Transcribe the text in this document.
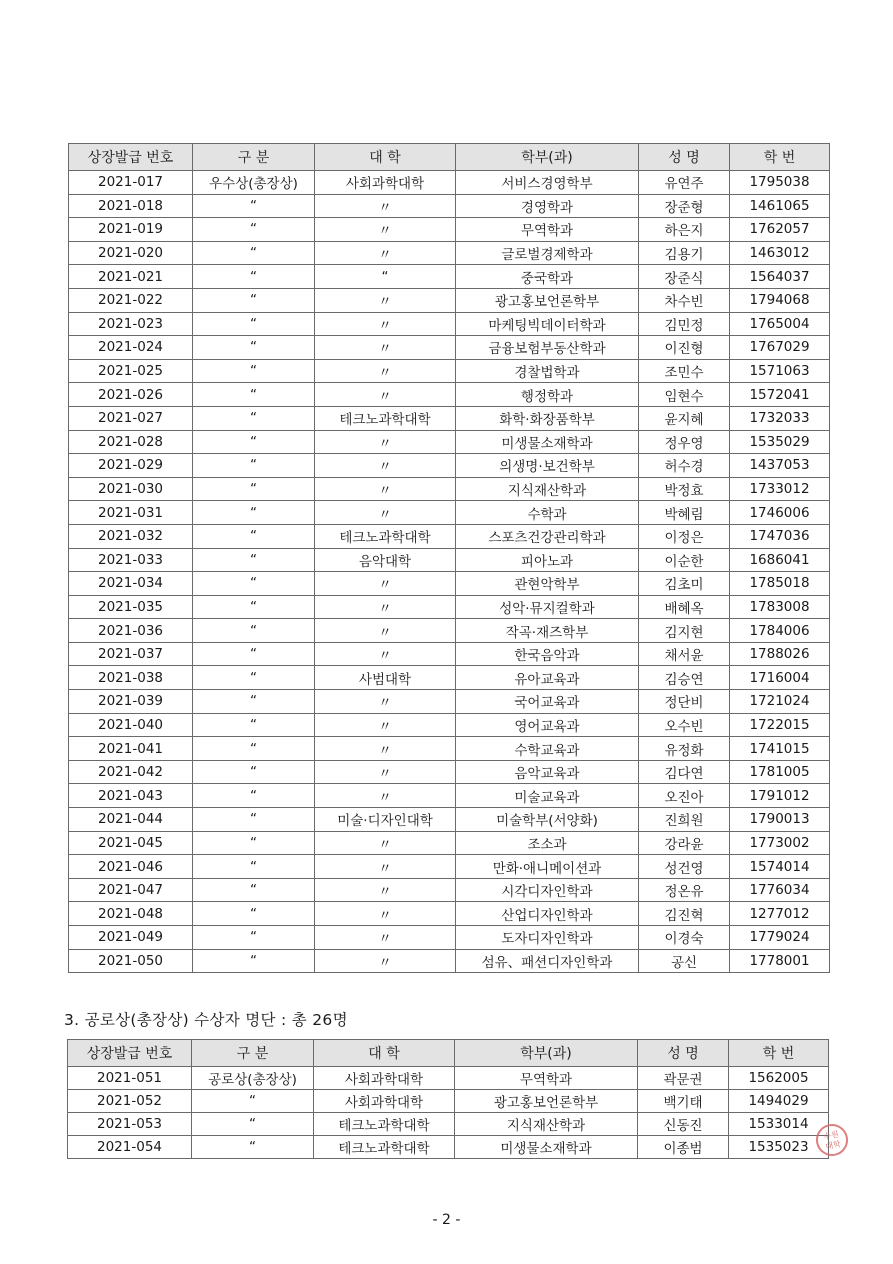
상장발급 번호	구 분	대 학	학부(과)	성 명	학 번
2021-017	우수상(총장상)	사회과학대학	서비스경영학부	유연주	1795038
2021-018	“	〃	경영학과	장준형	1461065
2021-019	“	〃	무역학과	하은지	1762057
2021-020	“	〃	글로벌경제학과	김용기	1463012
2021-021	“	“	중국학과	장준식	1564037
2021-022	“	〃	광고홍보언론학부	차수빈	1794068
2021-023	“	〃	마케팅빅데이터학과	김민정	1765004
2021-024	“	〃	금융보험부동산학과	이진형	1767029
2021-025	“	〃	경찰법학과	조민수	1571063
2021-026	“	〃	행정학과	임현수	1572041
2021-027	“	테크노과학대학	화학·화장품학부	윤지혜	1732033
2021-028	“	〃	미생물소재학과	정우영	1535029
2021-029	“	〃	의생명·보건학부	허수경	1437053
2021-030	“	〃	지식재산학과	박정효	1733012
2021-031	“	〃	수학과	박혜림	1746006
2021-032	“	테크노과학대학	스포츠건강관리학과	이정은	1747036
2021-033	“	음악대학	피아노과	이순한	1686041
2021-034	“	〃	관현악학부	김초미	1785018
2021-035	“	〃	성악·뮤지컬학과	배혜옥	1783008
2021-036	“	〃	작곡·재즈학부	김지현	1784006
2021-037	“	〃	한국음악과	채서윤	1788026
2021-038	“	사범대학	유아교육과	김승연	1716004
2021-039	“	〃	국어교육과	정단비	1721024
2021-040	“	〃	영어교육과	오수빈	1722015
2021-041	“	〃	수학교육과	유정화	1741015
2021-042	“	〃	음악교육과	김다연	1781005
2021-043	“	〃	미술교육과	오진아	1791012
2021-044	“	미술·디자인대학	미술학부(서양화)	진희원	1790013
2021-045	“	〃	조소과	강라윤	1773002
2021-046	“	〃	만화·애니메이션과	성건영	1574014
2021-047	“	〃	시각디자인학과	정온유	1776034
2021-048	“	〃	산업디자인학과	김진혁	1277012
2021-049	“	〃	도자디자인학과	이경숙	1779024
2021-050	“	〃	섬유、패션디자인학과	공신	1778001
3. 공로상(총장상) 수상자 명단 : 총 26명
상장발급 번호	구 분	대 학	학부(과)	성 명	학 번
2021-051	공로상(총장상)	사회과학대학	무역학과	곽문권	1562005
2021-052	“	사회과학대학	광고홍보언론학부	백기태	1494029
2021-053	“	테크노과학대학	지식재산학과	신동진	1533014
2021-054	“	테크노과학대학	미생물소재학과	이종범	1535023
수원
대학
- 2 -
